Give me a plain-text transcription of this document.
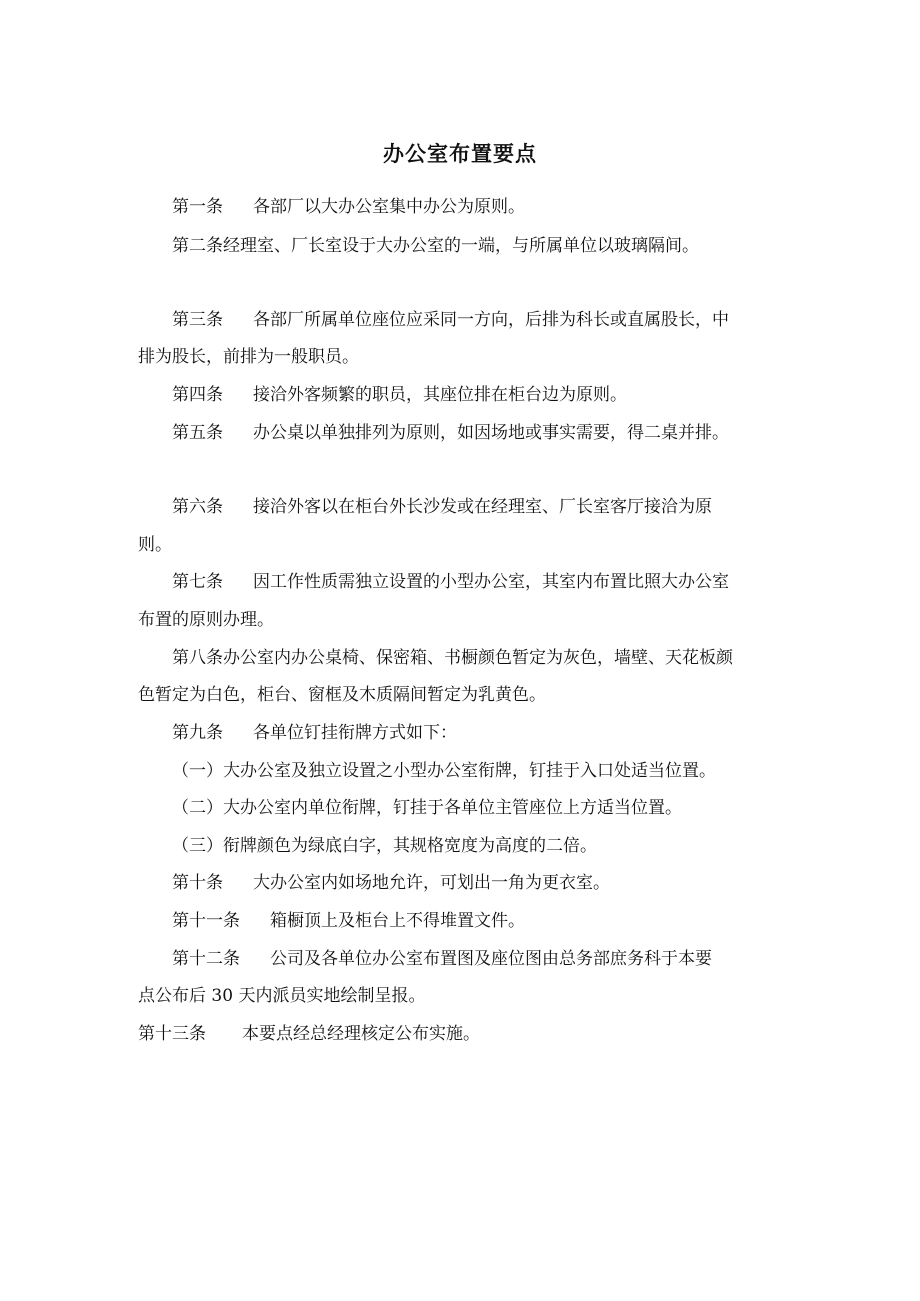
办公室布置要点
第一条 各部厂以大办公室集中办公为原则。
第二条经理室、厂长室设于大办公室的一端，与所属单位以玻璃隔间。
第三条 各部厂所属单位座位应采同一方向，后排为科长或直属股长，中
排为股长，前排为一般职员。
第四条 接洽外客频繁的职员，其座位排在柜台边为原则。
第五条 办公桌以单独排列为原则，如因场地或事实需要，得二桌并排。
第六条 接洽外客以在柜台外长沙发或在经理室、厂长室客厅接洽为原
则。
第七条 因工作性质需独立设置的小型办公室，其室内布置比照大办公室
布置的原则办理。
第八条办公室内办公桌椅、保密箱、书橱颜色暂定为灰色，墙壁、天花板颜
色暂定为白色，柜台、窗框及木质隔间暂定为乳黄色。
第九条 各单位钉挂衔牌方式如下：
（一）大办公室及独立设置之小型办公室衔牌，钉挂于入口处适当位置。
（二）大办公室内单位衔牌，钉挂于各单位主管座位上方适当位置。
（三）衔牌颜色为绿底白字，其规格宽度为高度的二倍。
第十条 大办公室内如场地允许，可划出一角为更衣室。
第十一条 箱橱顶上及柜台上不得堆置文件。
第十二条 公司及各单位办公室布置图及座位图由总务部庶务科于本要
点公布后 30 天内派员实地绘制呈报。
第十三条 本要点经总经理核定公布实施。
